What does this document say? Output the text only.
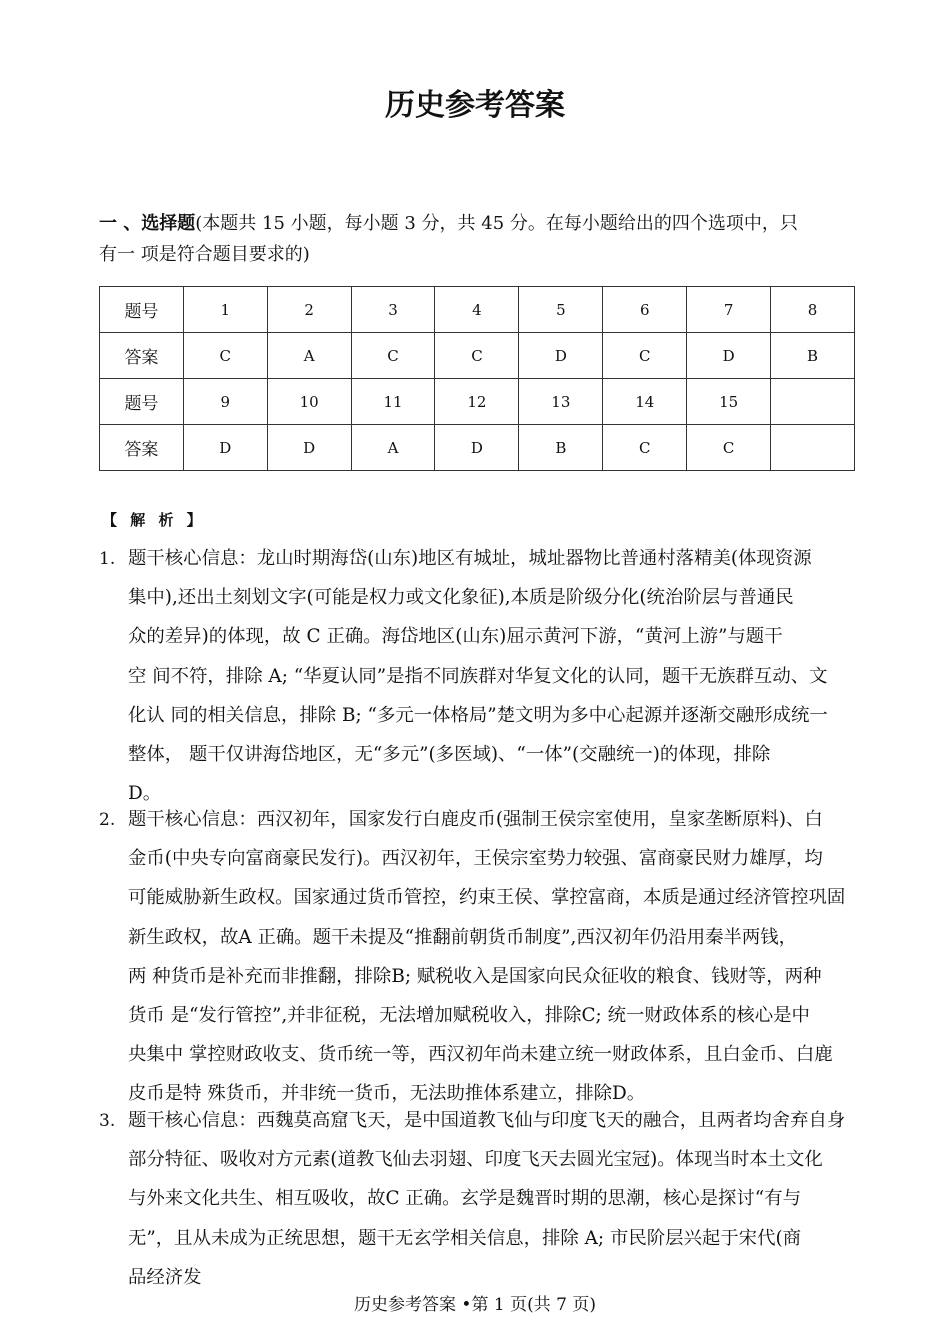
历史参考答案
一 、选择题(本题共 15 小题，每小题 3 分，共 45 分。在每小题给出的四个选项中，只
有一 项是符合题目要求的)
题号	1	2	3	4	5	6	7	8
答案	C	A	C	C	D	C	D	B
题号	9	10	11	12	13	14	15	
答案	D	D	A	D	B	C	C	
【 解 析 】
1. 题干核心信息：龙山时期海岱(山东)地区有城址，城址器物比普通村落精美(体现资源
集中),还出土刻划文字(可能是权力或文化象征),本质是阶级分化(统治阶层与普通民
众的差异)的体现，故 C 正确。海岱地区(山东)屈示黄河下游，“黄河上游”与题干
空 间不符，排除 A; “华夏认同”是指不同族群对华复文化的认同，题干无族群互动、文
化认 同的相关信息，排除 B; “多元一体格局”楚文明为多中心起源并逐渐交融形成统一
整体， 题干仅讲海岱地区，无“多元”(多医域)、“一体”(交融统一)的体现，排除
D。
2. 题干核心信息：西汉初年，国家发行白鹿皮币(强制王侯宗室使用，皇家垄断原料)、白
金币(中央专向富商豪民发行)。西汉初年，王侯宗室势力较强、富商豪民财力雄厚，均
可能威胁新生政权。国家通过货币管控，约束王侯、掌控富商，本质是通过经济管控巩固
新生政权，故A 正确。题干未提及“推翻前朝货币制度”,西汉初年仍沿用秦半两钱，
两 种货币是补充而非推翻，排除B; 赋税收入是国家向民众征收的粮食、钱财等，两种
货币 是“发行管控”,并非征税，无法增加赋税收入，排除C; 统一财政体系的核心是中
央集中 掌控财政收支、货币统一等，西汉初年尚未建立统一财政体系，且白金币、白鹿
皮币是特 殊货币，并非统一货币，无法助推体系建立，排除D。
3. 题干核心信息：西魏莫高窟飞天，是中国道教飞仙与印度飞天的融合，且两者均舍弃自身
部分特征、吸收对方元素(道教飞仙去羽翅、印度飞天去圆光宝冠)。体现当时本土文化
与外来文化共生、相互吸收，故C 正确。玄学是魏晋时期的思潮，核心是探讨“有与
无”，且从未成为正统思想，题干无玄学相关信息，排除 A; 市民阶层兴起于宋代(商
品经济发
历史参考答案 •第 1 页(共 7 页)
